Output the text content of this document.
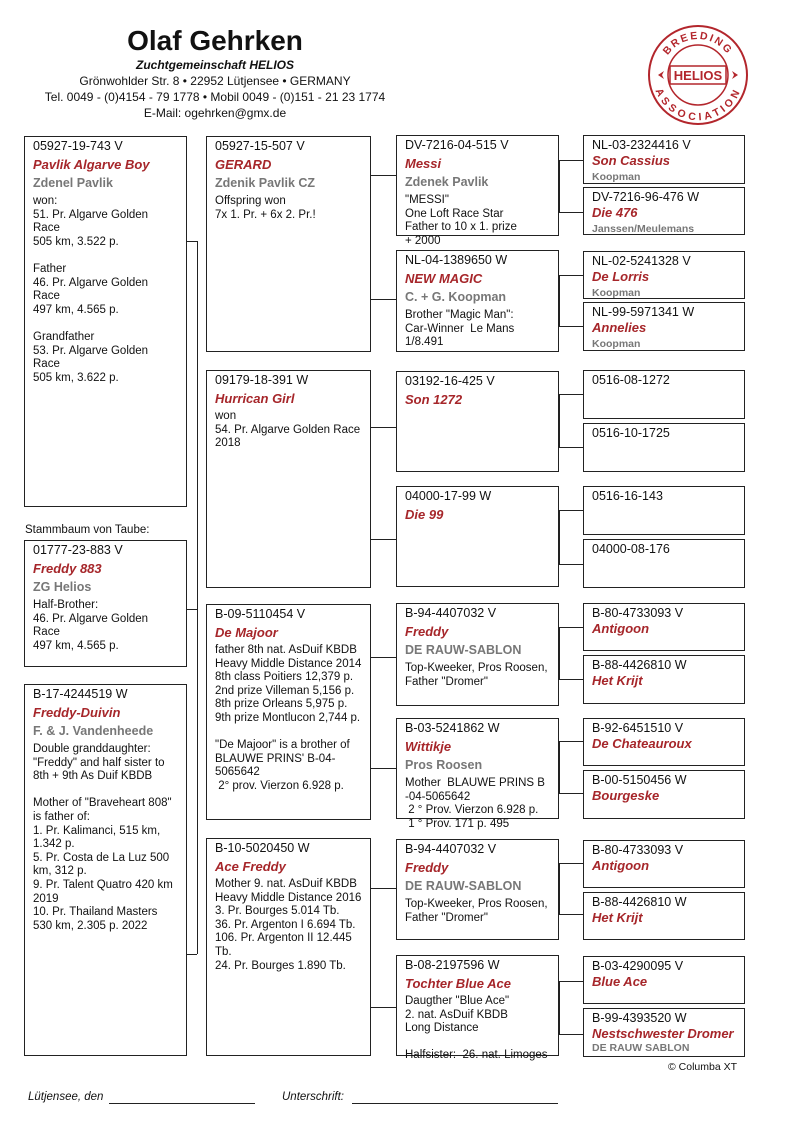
Olaf Gehrken
Zuchtgemeinschaft HELIOS
Grönwohlder Str. 8 • 22952 Lütjensee • GERMANY
Tel. 0049 - (0)4154 - 79 1778 • Mobil 0049 - (0)151 - 21 23 1774
E-Mail: ogehrken@gmx.de
BREEDING
ASSOCIATION
HELIOS
05927-19-743 V
Pavlik Algarve Boy
Zdenel Pavlik
won:
51. Pr. Algarve Golden Race
505 km, 3.522 p.

Father
46. Pr. Algarve Golden Race
497 km, 4.565 p.

Grandfather
53. Pr. Algarve Golden Race
505 km, 3.622 p.
Stammbaum von Taube:
01777-23-883 V
Freddy 883
ZG Helios
Half-Brother:
46. Pr. Algarve Golden Race
497 km, 4.565 p.
B-17-4244519 W
Freddy-Duivin
F. & J. Vandenheede
Double granddaughter: "Freddy" and half sister to 8th + 9th As Duif KBDB

Mother of "Braveheart 808" is father of:
1. Pr. Kalimanci, 515 km, 1.342 p.
5. Pr. Costa de La Luz 500 km, 312 p.
9. Pr. Talent Quatro 420 km 2019
10. Pr. Thailand Masters 530 km, 2.305 p. 2022
05927-15-507 V
GERARD
Zdenik Pavlik CZ
Offspring won
7x 1. Pr. + 6x 2. Pr.!
09179-18-391 W
Hurrican Girl
won
54. Pr. Algarve Golden Race 2018
B-09-5110454 V
De Majoor
father 8th nat. AsDuif KBDB Heavy Middle Distance 2014
8th class Poitiers 12,379 p.
2nd prize Villeman 5,156 p.
8th prize Orleans 5,975 p.
9th prize Montlucon 2,744 p.

"De Majoor" is a brother of BLAUWE PRINS' B-04-5065642
2° prov. Vierzon 6.928 p.
B-10-5020450 W
Ace Freddy
Mother 9. nat. AsDuif KBDB Heavy Middle Distance 2016
3. Pr. Bourges 5.014 Tb.
36. Pr. Argenton I 6.694 Tb.
106. Pr. Argenton II 12.445 Tb.
24. Pr. Bourges 1.890 Tb.
DV-7216-04-515 V
Messi
Zdenek Pavlik
"MESSI"
One Loft Race Star
Father to 10 x 1. prize
+ 2000
NL-04-1389650 W
NEW MAGIC
C. + G. Koopman
Brother "Magic Man":
Car-Winner  Le Mans
1/8.491
03192-16-425 V
Son 1272
04000-17-99 W
Die 99
B-94-4407032 V
Freddy
DE RAUW-SABLON
Top-Kweeker, Pros Roosen,
Father "Dromer"
B-03-5241862 W
Wittikje
Pros Roosen
Mother  BLAUWE PRINS B -04-5065642
2 ° Prov. Vierzon 6.928 p.
1 ° Prov. 171 p. 495
B-94-4407032 V
Freddy
DE RAUW-SABLON
Top-Kweeker, Pros Roosen,
Father "Dromer"
B-08-2197596 W
Tochter Blue Ace
Daugther "Blue Ace"
2. nat. AsDuif KBDB
Long Distance

Halfsister:  26. nat. Limoges
NL-03-2324416 V
Son Cassius
Koopman
DV-7216-96-476 W
Die 476
Janssen/Meulemans
NL-02-5241328 V
De Lorris
Koopman
NL-99-5971341 W
Annelies
Koopman
0516-08-1272
0516-10-1725
0516-16-143
04000-08-176
B-80-4733093 V
Antigoon
B-88-4426810 W
Het Krijt
B-92-6451510 V
De Chateauroux
B-00-5150456 W
Bourgeske
B-80-4733093 V
Antigoon
B-88-4426810 W
Het Krijt
B-03-4290095 V
Blue Ace
B-99-4393520 W
Nestschwester Dromer
DE RAUW SABLON
© Columba XT
Lütjensee, den	Unterschrift:
